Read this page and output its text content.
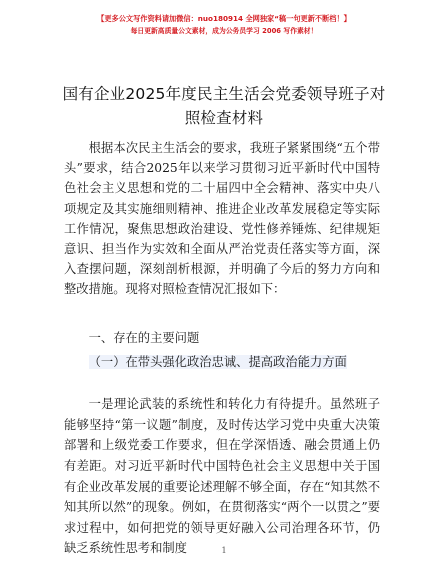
【更多公文写作资料请加微信：nuo180914 全网独家“稿一句更新不断档！】
每日更新高质量公文素材，成为公务员学习 2006 写作素材！
国有企业2025年度民主生活会党委领导班子对照检查材料

根据本次民主生活会的要求，我班子紧紧围绕“五个带头”要求，结合2025年以来学习贯彻习近平新时代中国特色社会主义思想和党的二十届四中全会精神、落实中央八项规定及其实施细则精神、推进企业改革发展稳定等实际工作情况，聚焦思想政治建设、党性修养锤炼、纪律规矩意识、担当作为实效和全面从严治党责任落实等方面，深入查摆问题，深刻剖析根源，并明确了今后的努力方向和整改措施。现将对照检查情况汇报如下：

一、存在的主要问题
（一）在带头强化政治忠诚、提高政治能力方面

一是理论武装的系统性和转化力有待提升。虽然班子能够坚持“第一议题”制度，及时传达学习党中央重大决策部署和上级党委工作要求，但在学深悟透、融会贯通上仍有差距。对习近平新时代中国特色社会主义思想中关于国有企业改革发展的重要论述理解不够全面，存在“知其然不知其所以然”的现象。例如，在贯彻落实“两个一以贯之”要求过程中，如何把党的领导更好融入公司治理各环节，仍缺乏系统性思考和制度	1
